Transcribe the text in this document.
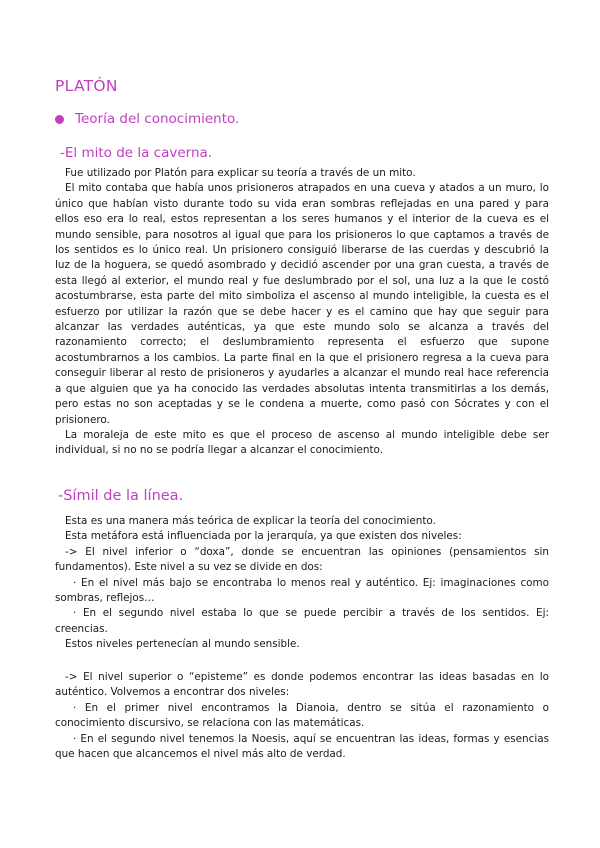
PLATÓN
Teoría del conocimiento.
-El mito de la caverna.

Fue utilizado por Platón para explicar su teoría a través de un mito.

El mito contaba que había unos prisioneros atrapados en una cueva y atados a un muro, lo único que habían visto durante todo su vida eran sombras reflejadas en una pared y para ellos eso era lo real, estos representan a los seres humanos y el interior de la cueva es el mundo sensible, para nosotros al igual que para los prisioneros lo que captamos a través de los sentidos es lo único real. Un prisionero consiguió liberarse de las cuerdas y descubrió la luz de la hoguera, se quedó asombrado y decidió ascender por una gran cuesta, a través de esta llegó al exterior, el mundo real y fue deslumbrado por el sol, una luz a la que le costó acostumbrarse, esta parte del mito simboliza el ascenso al mundo inteligible, la cuesta es el esfuerzo por utilizar la razón que se debe hacer y es el camino que hay que seguir para alcanzar las verdades auténticas, ya que este mundo solo se alcanza a través del razonamiento correcto; el deslumbramiento representa el esfuerzo que supone acostumbrarnos a los cambios. La parte final en la que el prisionero regresa a la cueva para conseguir liberar al resto de prisioneros y ayudarles a alcanzar el mundo real hace referencia a que alguien que ya ha conocido las verdades absolutas intenta transmitirlas a los demás, pero estas no son aceptadas y se le condena a muerte, como pasó con Sócrates y con el prisionero.

La moraleja de este mito es que el proceso de ascenso al mundo inteligible debe ser individual, si no no se podría llegar a alcanzar el conocimiento.

-Símil de la línea.

Esta es una manera más teórica de explicar la teoría del conocimiento.

Esta metáfora está influenciada por la jerarquía, ya que existen dos niveles:

-> El nivel inferior o “doxa”, donde se encuentran las opiniones (pensamientos sin fundamentos). Este nivel a su vez se divide en dos:

· En el nivel más bajo se encontraba lo menos real y auténtico. Ej: imaginaciones como sombras, reflejos…

· En el segundo nivel estaba lo que se puede percibir a través de los sentidos. Ej: creencias.

Estos niveles pertenecían al mundo sensible.

-> El nivel superior o “episteme” es donde podemos encontrar las ideas basadas en lo auténtico. Volvemos a encontrar dos niveles:

· En el primer nivel encontramos la Dianoia, dentro se sitúa el razonamiento o conocimiento discursivo, se relaciona con las matemáticas.

· En el segundo nivel tenemos la Noesis, aquí se encuentran las ideas, formas y esencias que hacen que alcancemos el nivel más alto de verdad.
